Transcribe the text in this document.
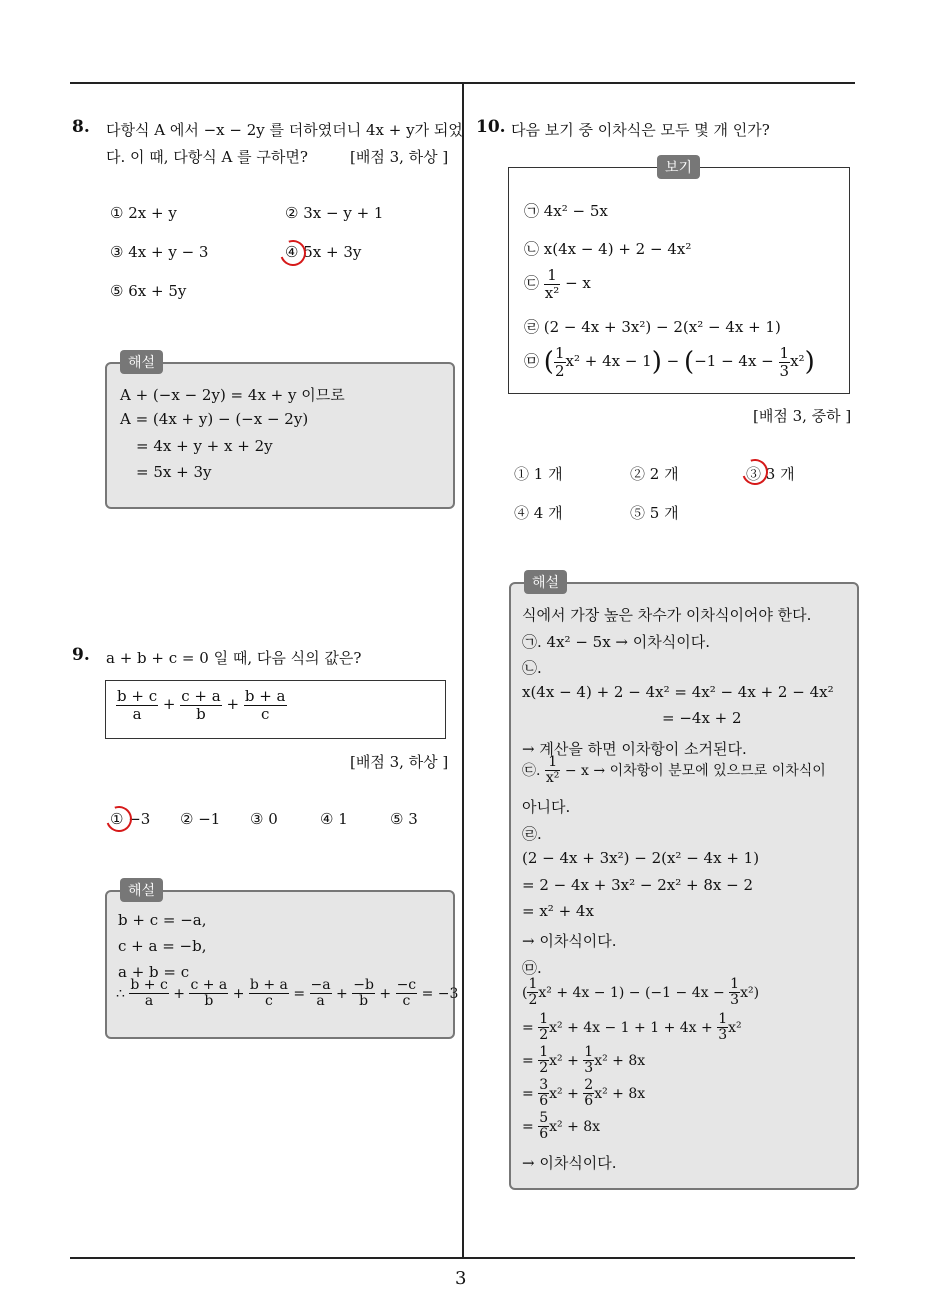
3
8. 다항식 A 에서 −x − 2y 를 더하였더니 4x + y가 되었
다. 이 때, 다항식 A 를 구하면?	[배점 3, 하상 ]
① 2x + y	② 3x − y + 1
③ 4x + y − 3	④ 5x + 3y
⑤ 6x + 5y
해설
A + (−x − 2y) = 4x + y 이므로
A = (4x + y) − (−x − 2y)
= 4x + y + x + 2y
= 5x + 3y
9. a + b + c = 0 일 때, 다음 식의 값은?
$\frac{b + c}{a} + \frac{c + a}{b} + \frac{b + a}{c}$
[배점 3, 하상 ]
① −3 ② −1 ③ 0	④ 1	⑤ 3
해설
b + c = −a,
c + a = −b,
a + b = c
∴ $\frac{b + c}{a} + \frac{c + a}{b} + \frac{b + a}{c} = \frac{-a}{a} + \frac{-b}{b} + \frac{-c}{c} = -3$
10. 다음 보기 중 이차식은 모두 몇 개 인가?
보기
㉠ 4x² − 5x
㉡ x(4x − 4) + 2 − 4x²
㉢ $\frac{1}{\text{x²}} - x$
㉣ (2 − 4x + 3x²) − 2(x² − 4x + 1)
㉤ ( $\frac{1}{2} x^2 + 4x - 1) - (-1 - 4x - \frac{1}{3} x^2)$
[배점 3, 중하 ]
① 1 개	② 2 개	③ 3 개
④ 4 개	⑤ 5 개
해설
식에서 가장 높은 차수가 이차식이어야 한다.
㉠. 4x² − 5x → 이차식이다.
㉡.
x(4x − 4) + 2 − 4x² = 4x² − 4x + 2 − 4x²
= −4x + 2
→ 계산을 하면 이차항이 소거된다.
㉢. $\frac{1}{\text{x²}} - x$ → 이차항이 분모에 있으므로 이차식이
아니다.
㉣.
(2 − 4x + 3x²) − 2(x² − 4x + 1)
= 2 − 4x + 3x² − 2x² + 8x − 2
= x² + 4x
→ 이차식이다.
㉤.
( $\frac{1}{2} x^2 + 4x - 1) - (-1 - 4x - \frac{1}{3} x^2)$
= $\frac{1}{2} x^2 + 4x - 1 + 1 + 4x + \frac{1}{3} x^2$
= $\frac{1}{2} x^2 + \frac{1}{3} x^2 + 8x$
= $\frac{3}{6} x^2 + \frac{2}{6} x^2 + 8x$
= $\frac{5}{6} x^2 + 8x$
→ 이차식이다.
